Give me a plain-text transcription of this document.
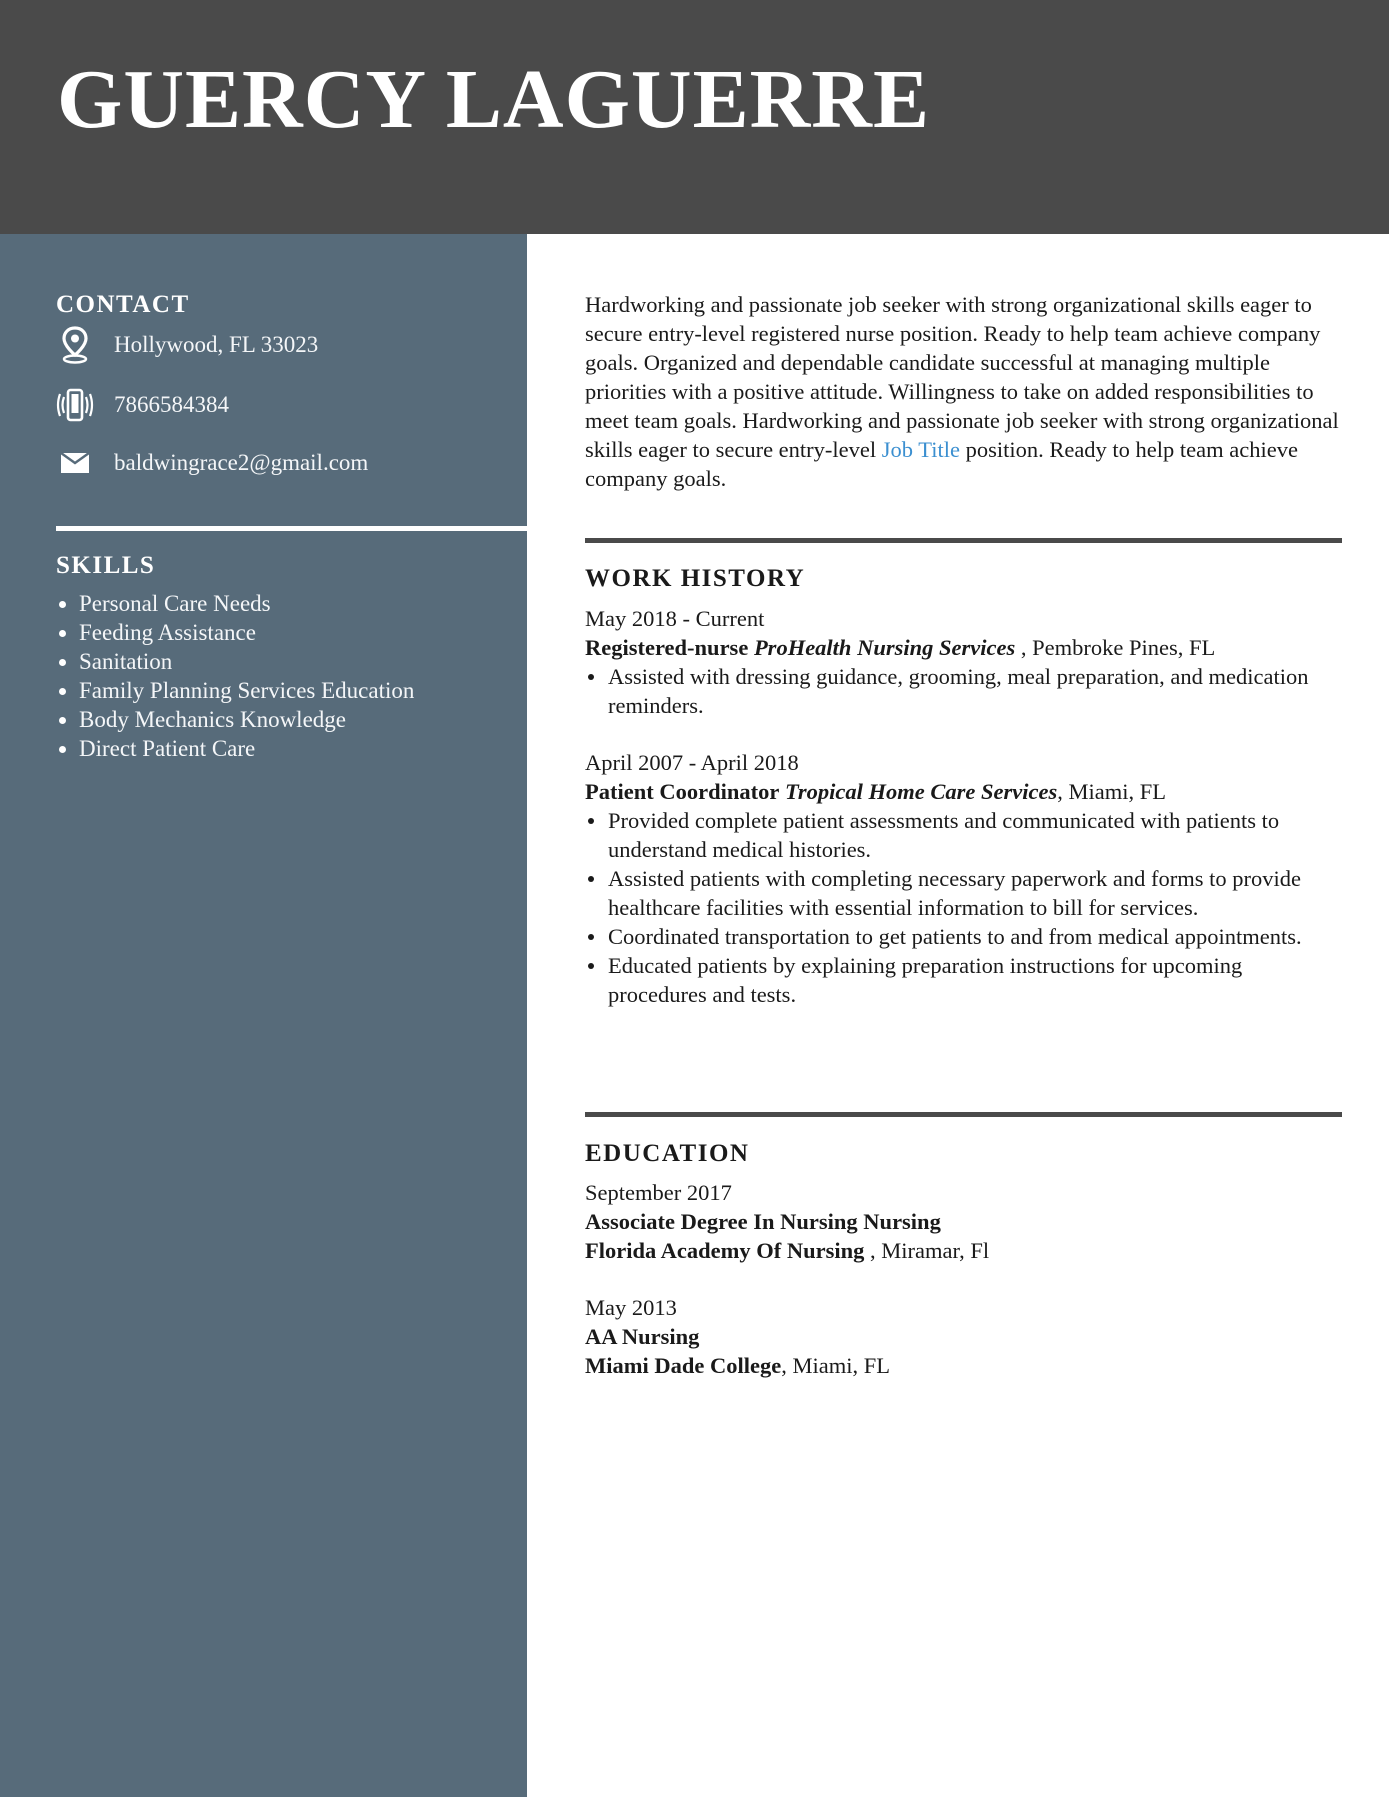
GUERCY LAGUERRE
CONTACT
Hollywood, FL 33023
7866584384
baldwingrace2@gmail.com
SKILLS
Personal Care Needs
Feeding Assistance
Sanitation
Family Planning Services Education
Body Mechanics Knowledge
Direct Patient Care

Hardworking and passionate job seeker with strong organizational skills eager to secure entry-level registered nurse position. Ready to help team achieve company goals. Organized and dependable candidate successful at managing multiple priorities with a positive attitude. Willingness to take on added responsibilities to meet team goals. Hardworking and passionate job seeker with strong organizational skills eager to secure entry-level Job Title position. Ready to help team achieve company goals.

WORK HISTORY
May 2018 - Current
Registered-nurse ProHealth Nursing Services , Pembroke Pines, FL
Assisted with dressing guidance, grooming, meal preparation, and medication reminders.
April 2007 - April 2018
Patient Coordinator Tropical Home Care Services, Miami, FL
Provided complete patient assessments and communicated with patients to understand medical histories.
Assisted patients with completing necessary paperwork and forms to provide healthcare facilities with essential information to bill for services.
Coordinated transportation to get patients to and from medical appointments.
Educated patients by explaining preparation instructions for upcoming procedures and tests.
EDUCATION
September 2017
Associate Degree In Nursing Nursing
Florida Academy Of Nursing , Miramar, Fl
May 2013
AA Nursing
Miami Dade College, Miami, FL
